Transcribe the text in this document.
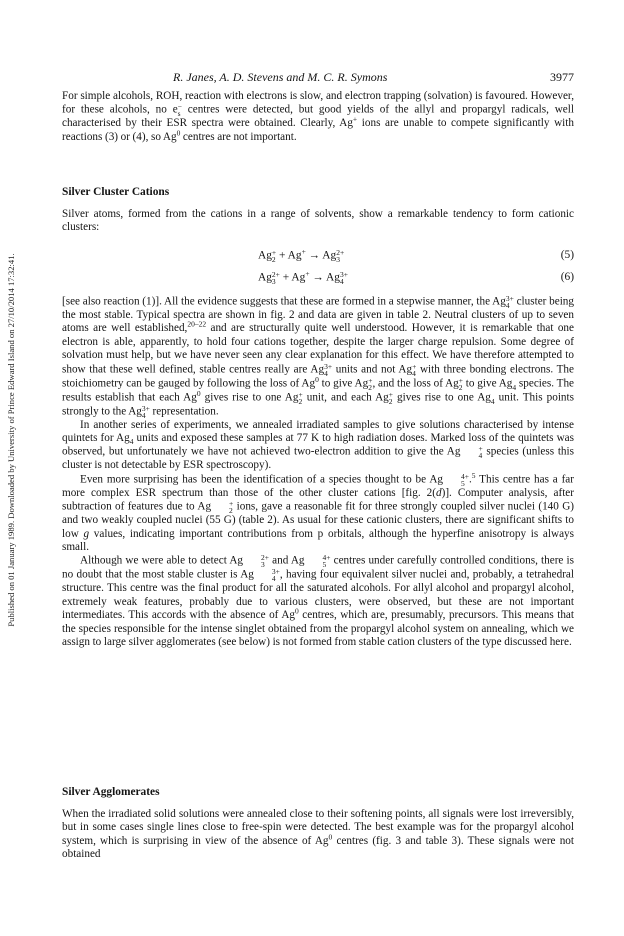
Published on 01 January 1989. Downloaded by University of Prince Edward Island on 27/10/2014 17:32:41.
R. Janes, A. D. Stevens and M. C. R. Symons	3977

For simple alcohols, ROH, reaction with electrons is slow, and electron trapping (solvation) is favoured. However, for these alcohols, no e −
s centres were detected, but good yields of the allyl and propargyl radicals, well characterised by their ESR spectra were obtained. Clearly, Ag+ ions are unable to compete significantly with reactions (3) or (4), so Ag$^0$ centres are not important.

Silver Cluster Cations

Silver atoms, formed from the cations in a range of solvents, show a remarkable tendency to form cationic clusters:

Ag +
2 + Ag+ → Ag 2+
3	(5)
Ag 2+
3 + Ag+ → Ag 3+
4	(6)

[see also reaction (1)]. All the evidence suggests that these are formed in a stepwise manner, the Ag 3+
4 cluster being the most stable. Typical spectra are shown in fig. 2 and data are given in table 2. Neutral clusters of up to seven atoms are well established,$^{20-22}$ and are structurally quite well understood. However, it is remarkable that one electron is able, apparently, to hold four cations together, despite the larger charge repulsion. Some degree of solvation must help, but we have never seen any clear explanation for this effect. We have therefore attempted to show that these well defined, stable centres really are Ag 3+
4 units and not Ag +
4 with three bonding electrons. The stoichiometry can be gauged by following the loss of Ag$^0$ to give Ag +
2 , and the loss of Ag +
2 to give $Ag_4$ species. The results establish that each Ag$^0$ gives rise to one Ag +
2 unit, and each Ag +
2 gives rise to one $Ag_4$ unit. This points strongly to the Ag 3+
4 representation.

In another series of experiments, we annealed irradiated samples to give solutions characterised by intense quintets for $Ag_4$ units and exposed these samples at 77 K to high radiation doses. Marked loss of the quintets was observed, but unfortunately we have not achieved two-electron addition to give the Ag	+
4 species (unless this cluster is not detectable by ESR spectroscopy).

Even more surprising has been the identification of a species thought to be Ag	4+
5 .$^5$ This centre has a far more complex ESR spectrum than those of the other cluster cations [fig. 2(d)]. Computer analysis, after subtraction of features due to Ag	+
2 ions, gave a reasonable fit for three strongly coupled silver nuclei (140 G) and two weakly coupled nuclei (55 G) (table 2). As usual for these cationic clusters, there are significant shifts to low g values, indicating important contributions from p orbitals, although the hyperfine anisotropy is always small.

Although we were able to detect Ag	2+
3 and Ag	4+
5 centres under carefully controlled conditions, there is no doubt that the most stable cluster is Ag	3+
4 , having four equivalent silver nuclei and, probably, a tetrahedral structure. This centre was the final product for all the saturated alcohols. For allyl alcohol and propargyl alcohol, extremely weak features, probably due to various clusters, were observed, but these are not important intermediates. This accords with the absence of Ag$^0$ centres, which are, presumably, precursors. This means that the species responsible for the intense singlet obtained from the propargyl alcohol system on annealing, which we assign to large silver agglomerates (see below) is not formed from stable cation clusters of the type discussed here.

Silver Agglomerates

When the irradiated solid solutions were annealed close to their softening points, all signals were lost irreversibly, but in some cases single lines close to free-spin were detected. The best example was for the propargyl alcohol system, which is surprising in view of the absence of Ag$^0$ centres (fig. 3 and table 3). These signals were not obtained
